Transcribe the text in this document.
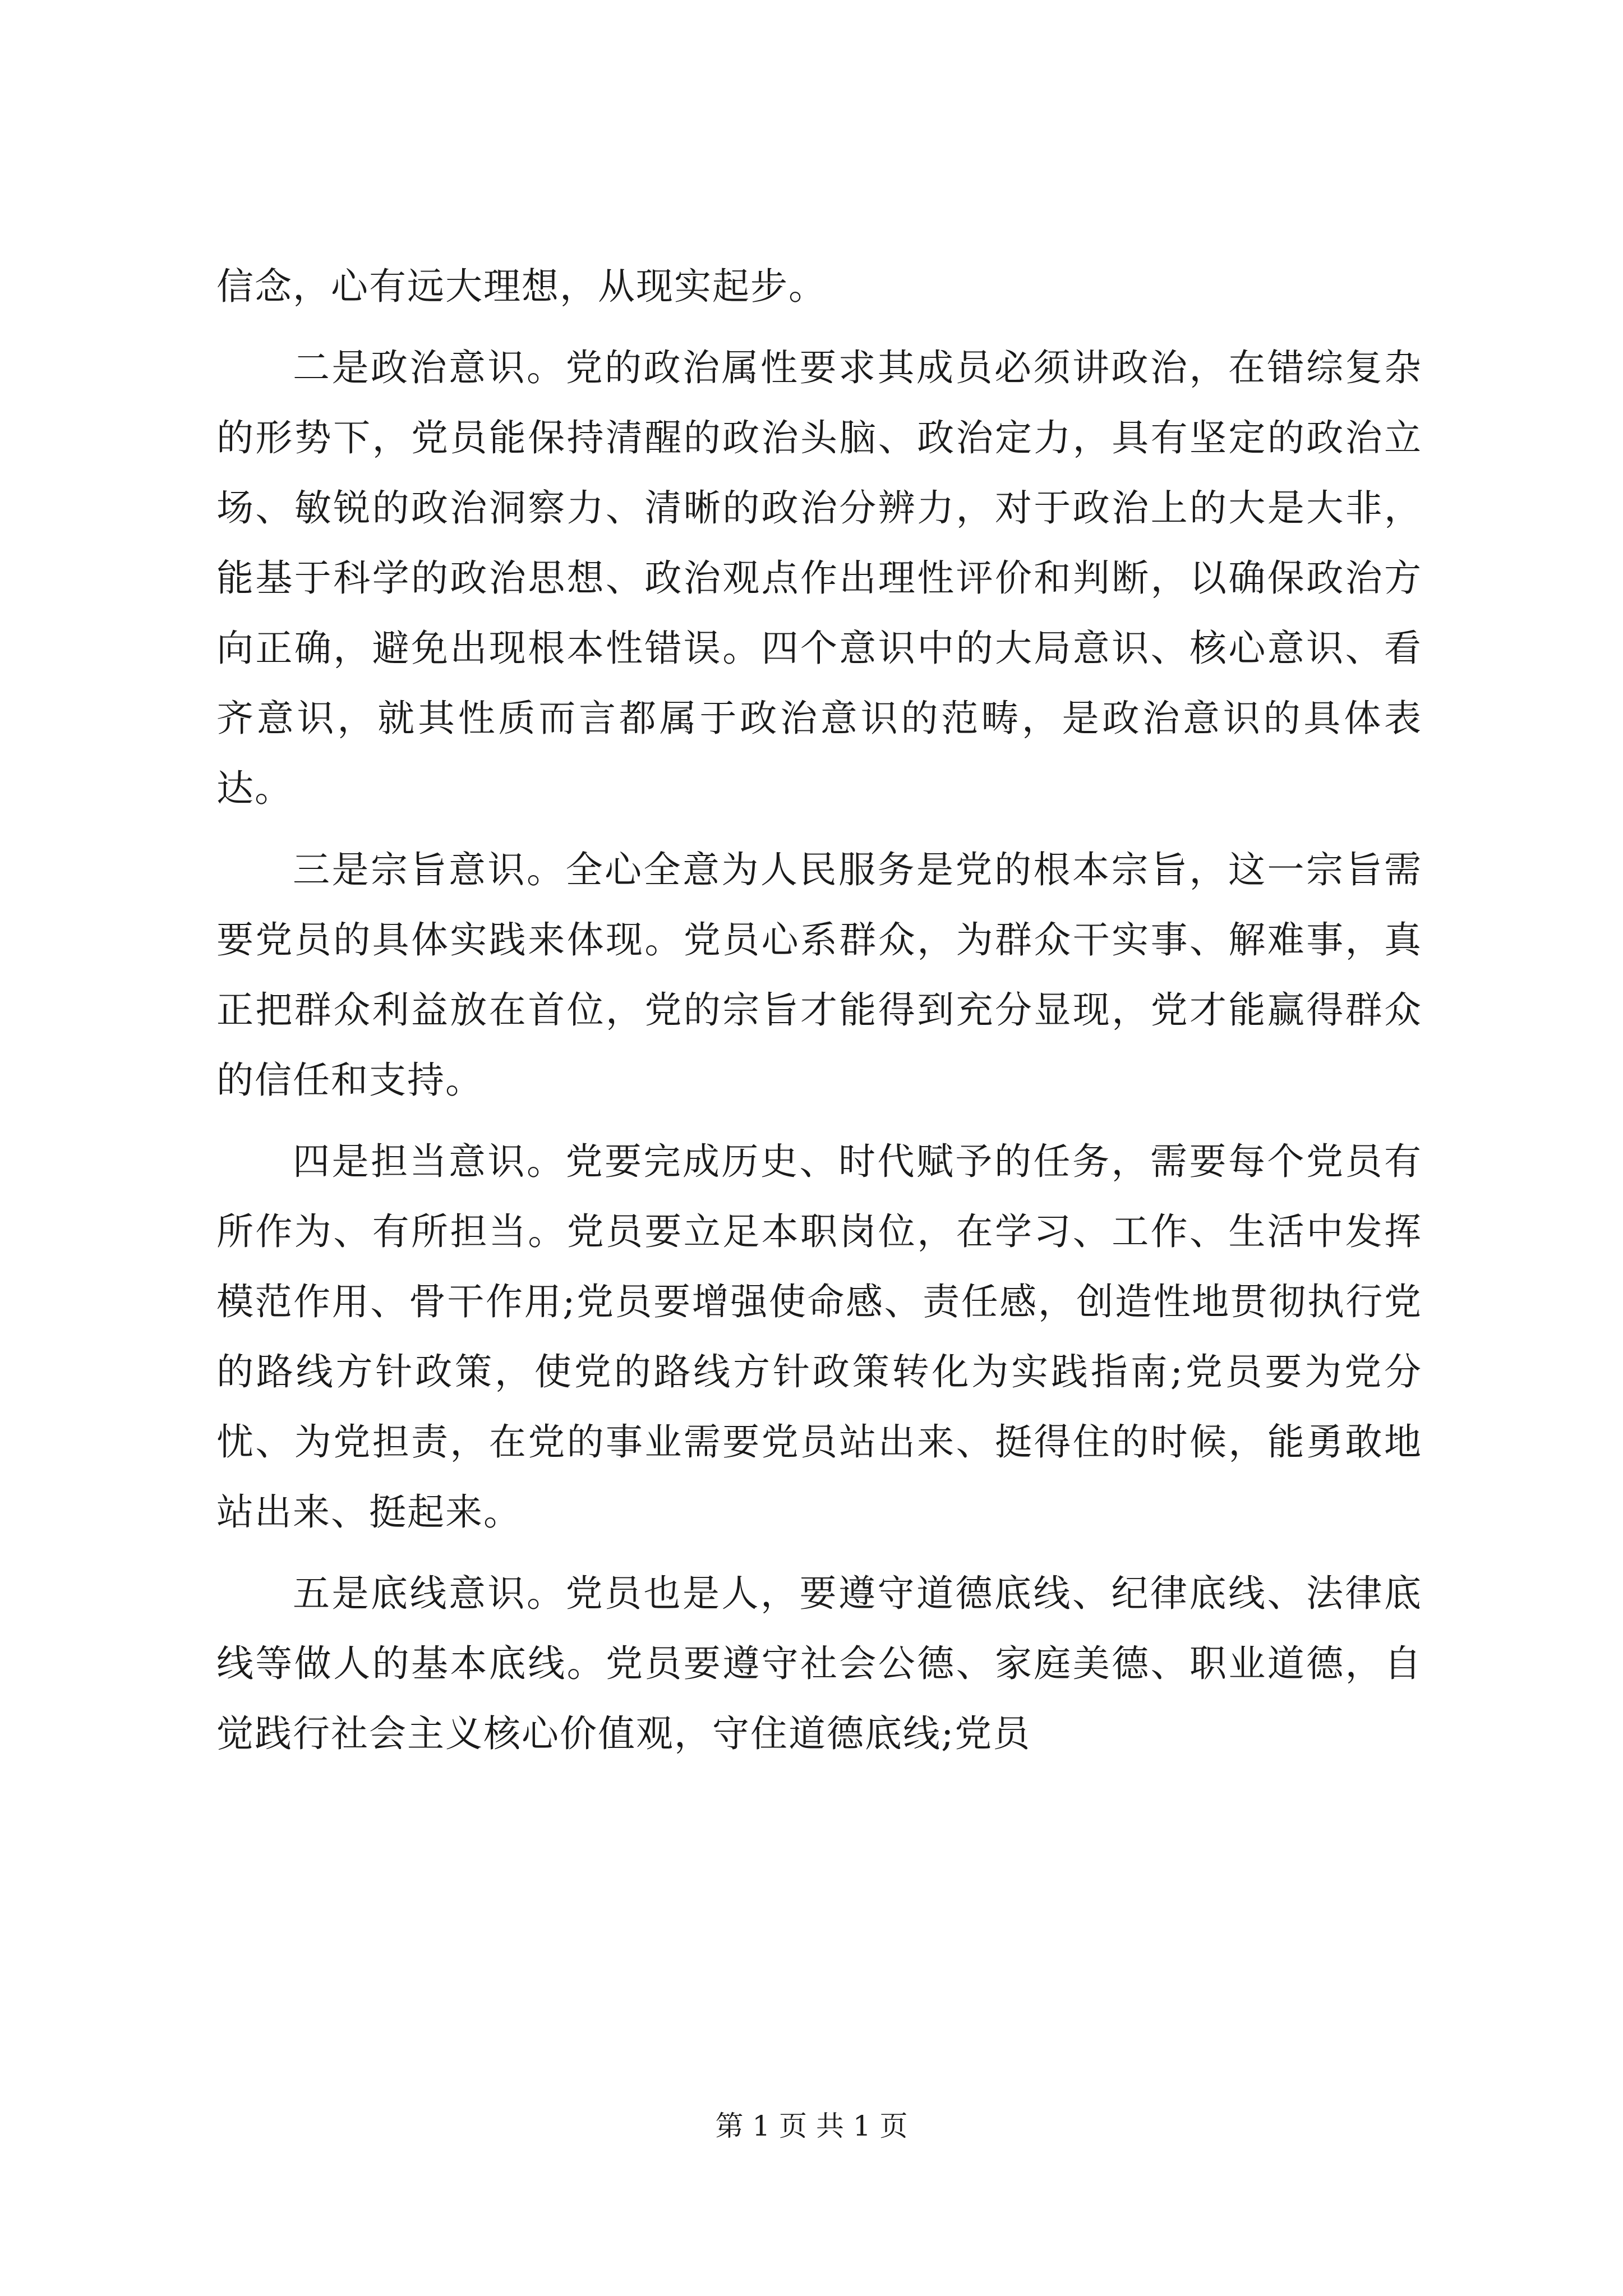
信念，心有远大理想，从现实起步。

二是政治意识。党的政治属性要求其成员必须讲政治，在错综复杂的形势下，党员能保持清醒的政治头脑、政治定力，具有坚定的政治立场、敏锐的政治洞察力、清晰的政治分辨力，对于政治上的大是大非，能基于科学的政治思想、政治观点作出理性评价和判断，以确保政治方向正确，避免出现根本性错误。四个意识中的大局意识、核心意识、看齐意识，就其性质而言都属于政治意识的范畴，是政治意识的具体表达。

三是宗旨意识。全心全意为人民服务是党的根本宗旨，这一宗旨需要党员的具体实践来体现。党员心系群众，为群众干实事、解难事，真正把群众利益放在首位，党的宗旨才能得到充分显现，党才能赢得群众的信任和支持。

四是担当意识。党要完成历史、时代赋予的任务，需要每个党员有所作为、有所担当。党员要立足本职岗位，在学习、工作、生活中发挥模范作用、骨干作用;党员要增强使命感、责任感，创造性地贯彻执行党的路线方针政策，使党的路线方针政策转化为实践指南;党员要为党分忧、为党担责，在党的事业需要党员站出来、挺得住的时候，能勇敢地站出来、挺起来。

五是底线意识。党员也是人，要遵守道德底线、纪律底线、法律底线等做人的基本底线。党员要遵守社会公德、家庭美德、职业道德，自觉践行社会主义核心价值观，守住道德底线;党员

第 1 页 共 1 页
